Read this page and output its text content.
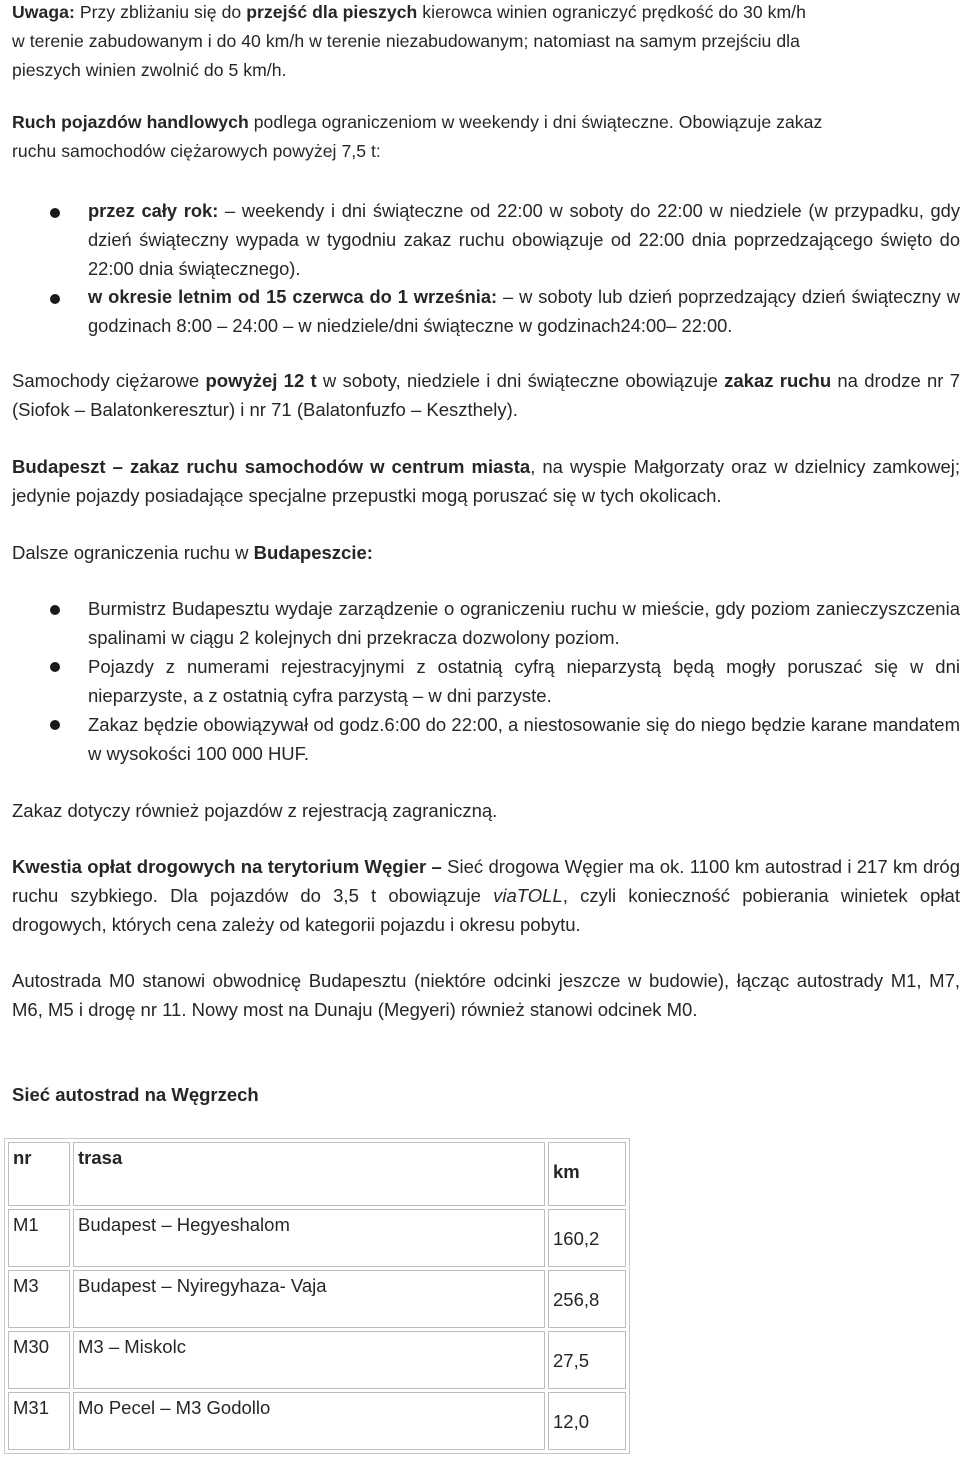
Uwaga: Przy zbliżaniu się do przejść dla pieszych kierowca winien ograniczyć prędkość do 30 km/h
w terenie zabudowanym i do 40 km/h w terenie niezabudowanym; natomiast na samym przejściu dla
pieszych winien zwolnić do 5 km/h.
Ruch pojazdów handlowych podlega ograniczeniom w weekendy i dni świąteczne. Obowiązuje zakaz
ruchu samochodów ciężarowych powyżej 7,5 t:
przez cały rok: – weekendy i dni świąteczne od 22:00 w soboty do 22:00 w niedziele (w przypadku, gdy dzień świąteczny wypada w tygodniu zakaz ruchu obowiązuje od 22:00 dnia poprzedzającego święto do 22:00 dnia świątecznego).
w okresie letnim od 15 czerwca do 1 września: – w soboty lub dzień poprzedzający dzień świąteczny w godzinach 8:00 – 24:00 – w niedziele/dni świąteczne w godzinach24:00– 22:00.
Samochody ciężarowe powyżej 12 t w soboty, niedziele i dni świąteczne obowiązuje zakaz ruchu na drodze nr 7 (Siofok – Balatonkeresztur) i nr 71 (Balatonfuzfo – Keszthely).
Budapeszt – zakaz ruchu samochodów w centrum miasta, na wyspie Małgorzaty oraz w dzielnicy zamkowej; jedynie pojazdy posiadające specjalne przepustki mogą poruszać się w tych okolicach.
Dalsze ograniczenia ruchu w Budapeszcie:
Burmistrz Budapesztu wydaje zarządzenie o ograniczeniu ruchu w mieście, gdy poziom zanieczyszczenia spalinami w ciągu 2 kolejnych dni przekracza dozwolony poziom.
Pojazdy z numerami rejestracyjnymi z ostatnią cyfrą nieparzystą będą mogły poruszać się w dni nieparzyste, a z ostatnią cyfra parzystą – w dni parzyste.
Zakaz będzie obowiązywał od godz.6:00 do 22:00, a niestosowanie się do niego będzie karane mandatem w wysokości 100 000 HUF.
Zakaz dotyczy również pojazdów z rejestracją zagraniczną.
Kwestia opłat drogowych na terytorium Węgier – Sieć drogowa Węgier ma ok. 1100 km autostrad i 217 km dróg ruchu szybkiego. Dla pojazdów do 3,5 t obowiązuje viaTOLL, czyli konieczność pobierania winietek opłat drogowych, których cena zależy od kategorii pojazdu i okresu pobytu.
Autostrada M0 stanowi obwodnicę Budapesztu (niektóre odcinki jeszcze w budowie), łącząc autostrady M1, M7, M6, M5 i drogę nr 11. Nowy most na Dunaju (Megyeri) również stanowi odcinek M0.
Sieć autostrad na Węgrzech
nr	trasa	km
M1	Budapest – Hegyeshalom	160,2
M3	Budapest – Nyiregyhaza- Vaja	256,8
M30	M3 – Miskolc	27,5
M31	Mo Pecel – M3 Godollo	12,0
